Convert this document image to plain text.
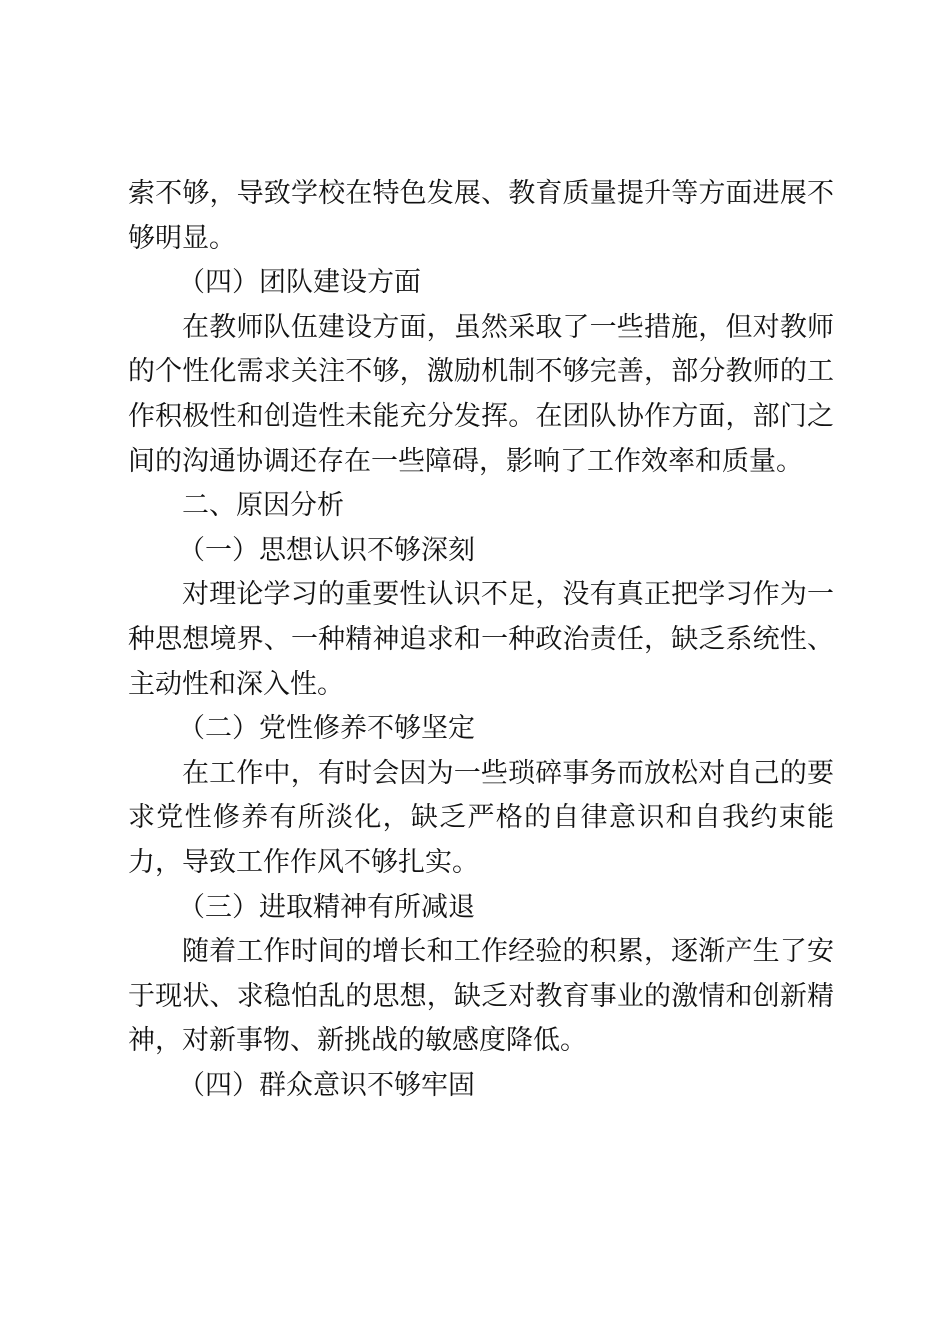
索不够，导致学校在特色发展、教育质量提升等方面进展不够明显。

（四）团队建设方面

在教师队伍建设方面，虽然采取了一些措施，但对教师的个性化需求关注不够，激励机制不够完善，部分教师的工作积极性和创造性未能充分发挥。在团队协作方面，部门之间的沟通协调还存在一些障碍，影响了工作效率和质量。

二、原因分析

（一）思想认识不够深刻

对理论学习的重要性认识不足，没有真正把学习作为一种思想境界、一种精神追求和一种政治责任，缺乏系统性、主动性和深入性。

（二）党性修养不够坚定

在工作中，有时会因为一些琐碎事务而放松对自己的要求党性修养有所淡化，缺乏严格的自律意识和自我约束能力，导致工作作风不够扎实。

（三）进取精神有所减退

随着工作时间的增长和工作经验的积累，逐渐产生了安于现状、求稳怕乱的思想，缺乏对教育事业的激情和创新精神，对新事物、新挑战的敏感度降低。

（四）群众意识不够牢固
